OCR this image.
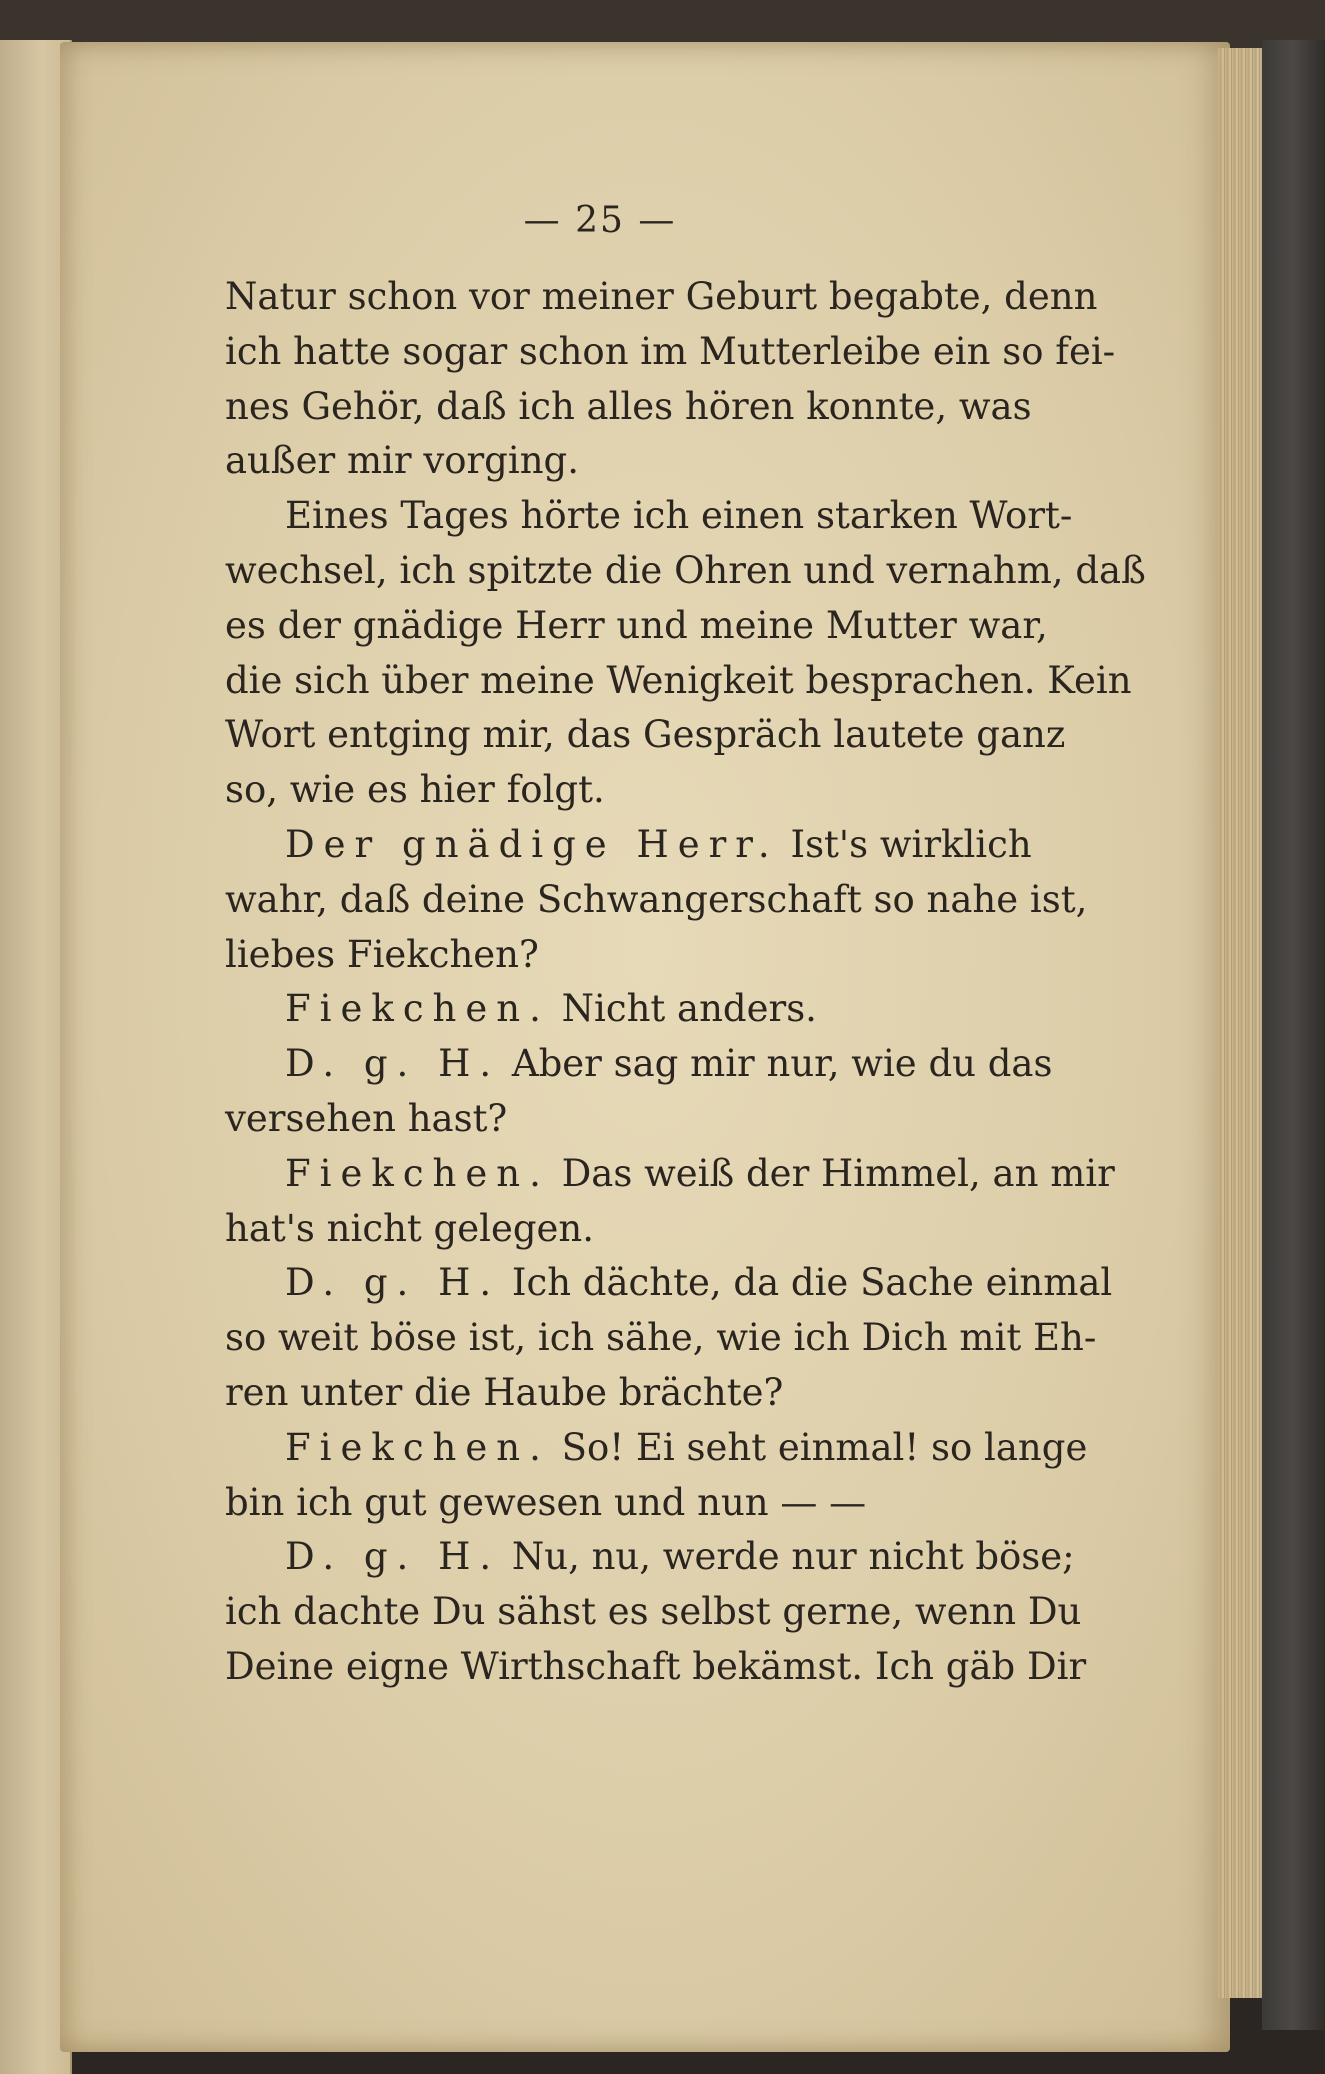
— 25 —
Natur schon vor meiner Geburt begabte, denn
ich hatte sogar schon im Mutterleibe ein so fei-
nes Gehör, daß ich alles hören konnte, was
außer mir vorging.
Eines Tages hörte ich einen starken Wort-
wechsel, ich spitzte die Ohren und vernahm, daß
es der gnädige Herr und meine Mutter war,
die sich über meine Wenigkeit besprachen. Kein
Wort entging mir, das Gespräch lautete ganz
so, wie es hier folgt.
Der gnädige Herr. Ist's wirklich
wahr, daß deine Schwangerschaft so nahe ist,
liebes Fiekchen?
Fiekchen. Nicht anders.
D. g. H. Aber sag mir nur, wie du das
versehen hast?
Fiekchen. Das weiß der Himmel, an mir
hat's nicht gelegen.
D. g. H. Ich dächte, da die Sache einmal
so weit böse ist, ich sähe, wie ich Dich mit Eh-
ren unter die Haube brächte?
Fiekchen. So! Ei seht einmal! so lange
bin ich gut gewesen und nun — —
D. g. H. Nu, nu, werde nur nicht böse;
ich dachte Du sähst es selbst gerne, wenn Du
Deine eigne Wirthschaft bekämst. Ich gäb Dir
